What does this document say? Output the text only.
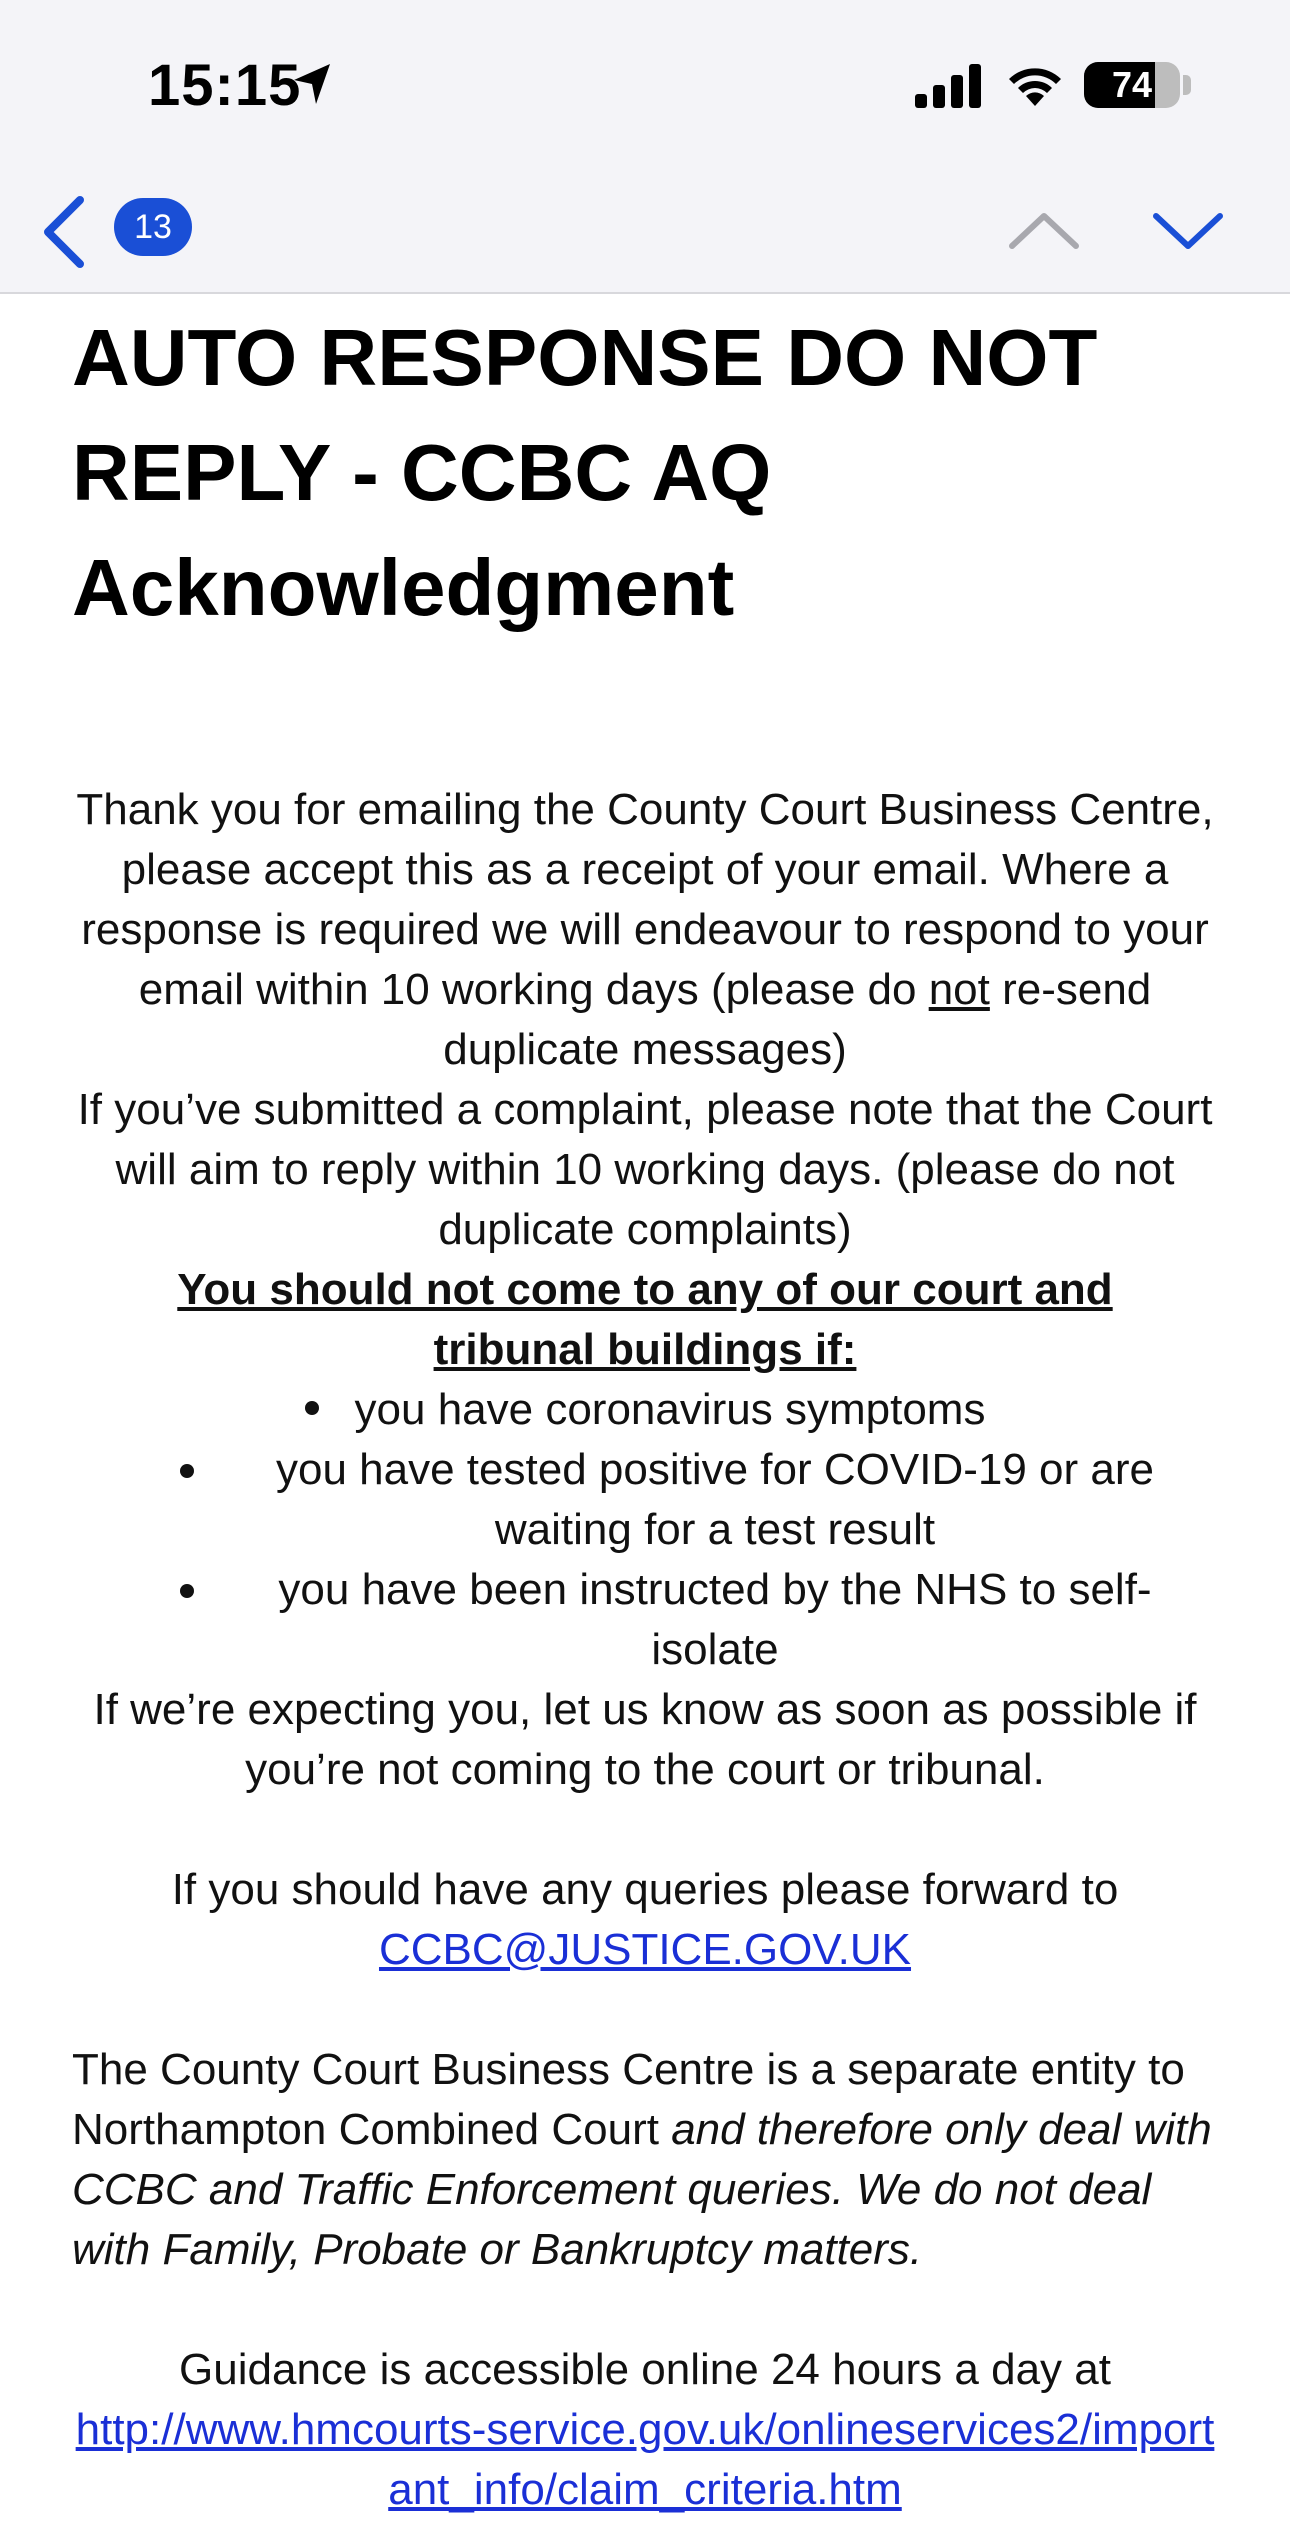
15:15	74
13
AUTO RESPONSE DO NOT
REPLY - CCBC AQ
Acknowledgment

Thank you for emailing the County Court Business Centre, please accept this as a receipt of your email. Where a response is required we will endeavour to respond to your email within 10 working days (please do not re-send duplicate messages)

If you’ve submitted a complaint, please note that the Court will aim to reply within 10 working days. (please do not duplicate complaints)

You should not come to any of our court and tribunal buildings if:

you have coronavirus symptoms
you have tested positive for COVID-19 or are waiting for a test result
you have been instructed by the NHS to self-isolate

If we’re expecting you, let us know as soon as possible if you’re not coming to the court or tribunal.

If you should have any queries please forward to
CCBC@JUSTICE.GOV.UK

The County Court Business Centre is a separate entity to Northampton Combined Court and therefore only deal with CCBC and Traffic Enforcement queries. We do not deal with Family, Probate or Bankruptcy matters.

Guidance is accessible online 24 hours a day at
http://www.hmcourts-service.gov.uk/onlineservices2/important_info/claim_criteria.htm
